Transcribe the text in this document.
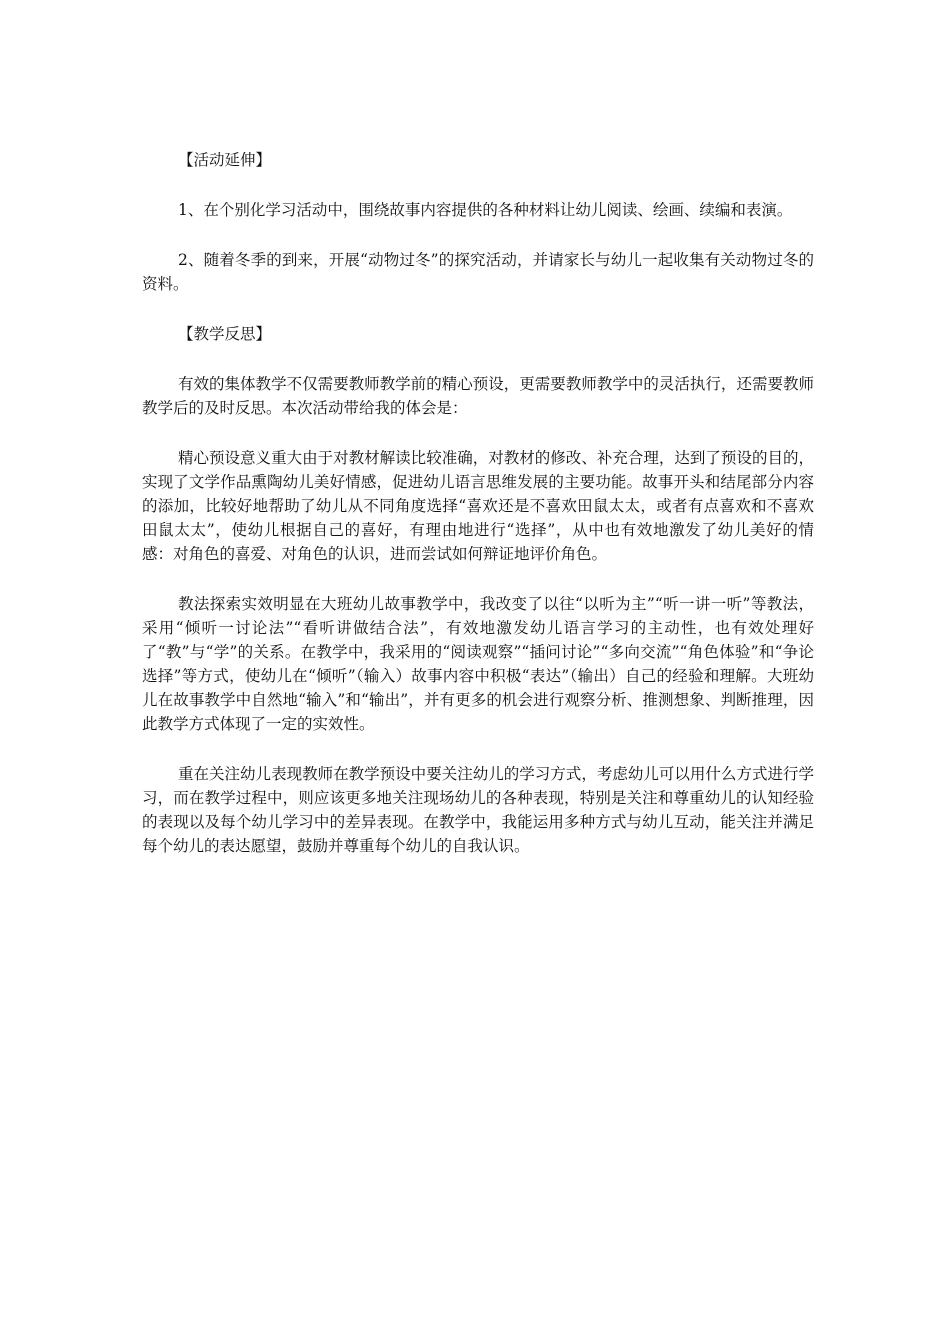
【活动延伸】

1、在个别化学习活动中，围绕故事内容提供的各种材料让幼儿阅读、绘画、续编和表演。

2、随着冬季的到来，开展“动物过冬”的探究活动，并请家长与幼儿一起收集有关动物过冬的资料。

【教学反思】

有效的集体教学不仅需要教师教学前的精心预设，更需要教师教学中的灵活执行，还需要教师教学后的及时反思。本次活动带给我的体会是：

精心预设意义重大由于对教材解读比较准确，对教材的修改、补充合理，达到了预设的目的，实现了文学作品熏陶幼儿美好情感，促进幼儿语言思维发展的主要功能。故事开头和结尾部分内容的添加，比较好地帮助了幼儿从不同角度选择“喜欢还是不喜欢田鼠太太，或者有点喜欢和不喜欢田鼠太太”，使幼儿根据自己的喜好，有理由地进行“选择”，从中也有效地激发了幼儿美好的情感：对角色的喜爱、对角色的认识，进而尝试如何辩证地评价角色。

教法探索实效明显在大班幼儿故事教学中，我改变了以往“以听为主”“听一讲一听”等教法，采用“倾听一讨论法”“看听讲做结合法”，有效地激发幼儿语言学习的主动性，也有效处理好了“教”与“学”的关系。在教学中，我采用的“阅读观察”“插问讨论”“多向交流”“角色体验”和“争论选择”等方式，使幼儿在“倾听”（输入）故事内容中积极“表达”（输出）自己的经验和理解。大班幼儿在故事教学中自然地“输入”和“输出”，并有更多的机会进行观察分析、推测想象、判断推理，因此教学方式体现了一定的实效性。

重在关注幼儿表现教师在教学预设中要关注幼儿的学习方式，考虑幼儿可以用什么方式进行学习，而在教学过程中，则应该更多地关注现场幼儿的各种表现，特别是关注和尊重幼儿的认知经验的表现以及每个幼儿学习中的差异表现。在教学中，我能运用多种方式与幼儿互动，能关注并满足每个幼儿的表达愿望，鼓励并尊重每个幼儿的自我认识。
